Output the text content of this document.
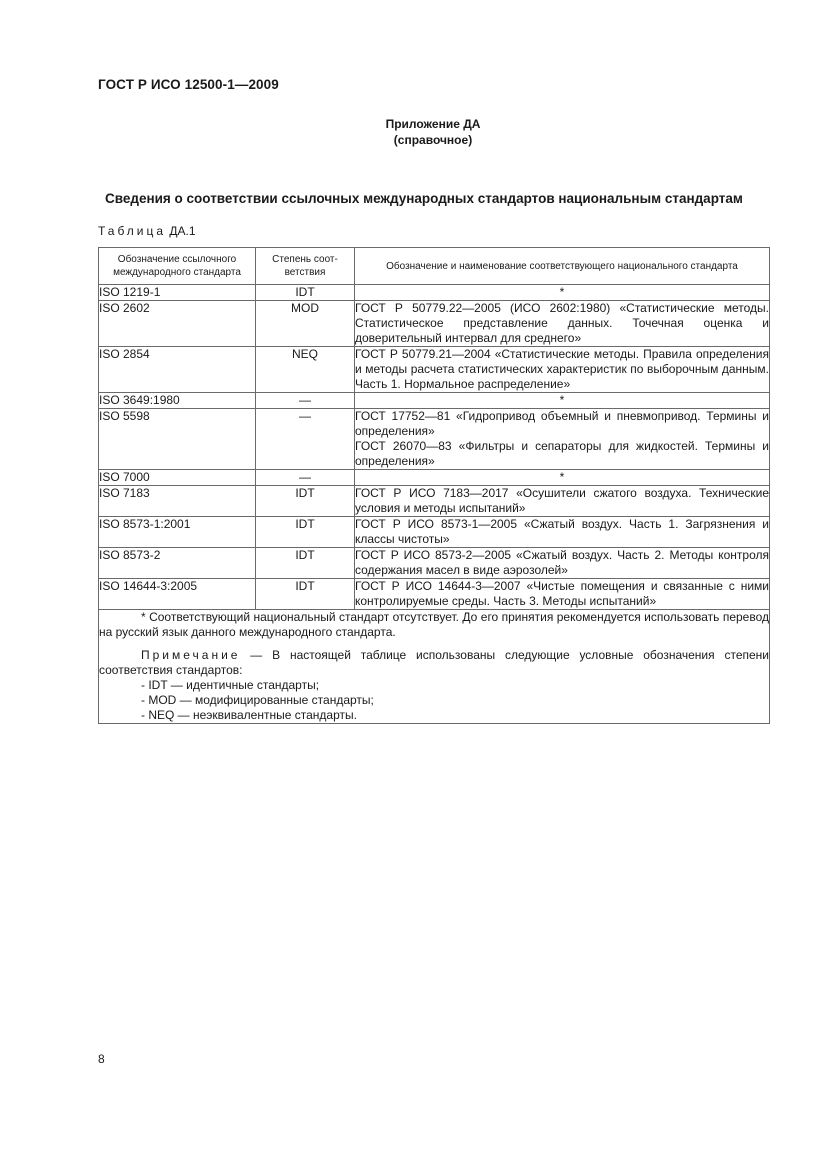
ГОСТ Р ИСО 12500-1—2009
Приложение ДА
(справочное)
Сведения о соответствии ссылочных международных стандартов национальным стандартам
Таблица ДА.1
Обозначение ссылочного международного стандарта	Степень соот-ветствия	Обозначение и наименование соответствующего национального стандарта
ISO 1219-1	IDT	*
ISO 2602	MOD	ГОСТ Р 50779.22—2005 (ИСО 2602:1980) «Статистические методы. Статистическое представление данных. Точечная оценка и доверительный интервал для среднего»
ISO 2854	NEQ	ГОСТ Р 50779.21—2004 «Статистические методы. Правила определения и методы расчета статистических характеристик по выборочным данным. Часть 1. Нормальное распределение»
ISO 3649:1980	—	*
ISO 5598	—	ГОСТ 17752—81 «Гидропривод объемный и пневмопривод. Термины и определения»
ГОСТ 26070—83 «Фильтры и сепараторы для жидкостей. Термины и определения»

ISO 7000	—	*
ISO 7183	IDT	ГОСТ Р ИСО 7183—2017 «Осушители сжатого воздуха. Технические условия и методы испытаний»
ISO 8573-1:2001	IDT	ГОСТ Р ИСО 8573-1—2005 «Сжатый воздух. Часть 1. Загрязнения и классы чистоты»
ISO 8573-2	IDT	ГОСТ Р ИСО 8573-2—2005 «Сжатый воздух. Часть 2. Методы контроля содержания масел в виде аэрозолей»
ISO 14644-3:2005	IDT	ГОСТ Р ИСО 14644-3—2007 «Чистые помещения и связанные с ними контролируемые среды. Часть 3. Методы испытаний»

* Соответствующий национальный стандарт отсутствует. До его принятия рекомендуется использовать перевод на русский язык данного международного стандарта.

Примечание — В настоящей таблице использованы следующие условные обозначения степени соответствия стандартов:

- IDT — идентичные стандарты;
- MOD — модифицированные стандарты;
- NEQ — неэквивалентные стандарты.		
8
